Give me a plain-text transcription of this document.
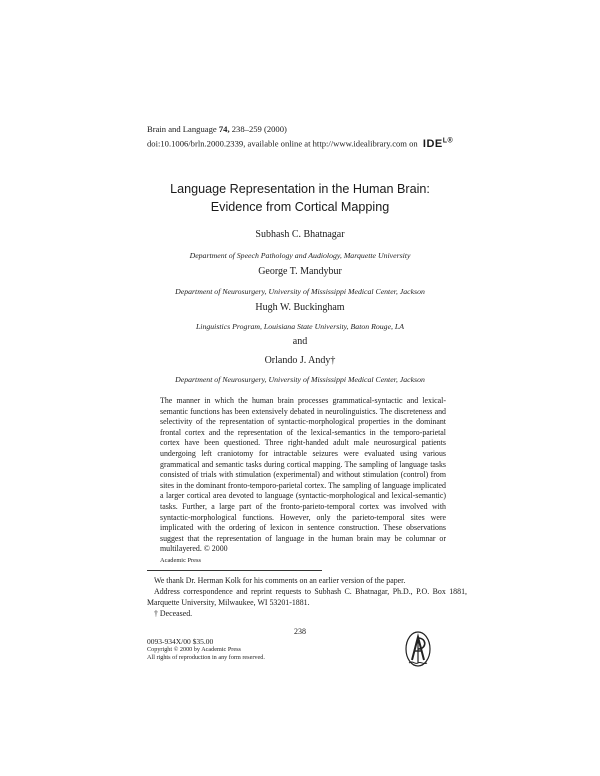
Brain and Language 74, 238–259 (2000)
doi:10.1006/brln.2000.2339, available online at http://www.idealibrary.com on $IDE^{L®}$
Language Representation in the Human Brain:
Evidence from Cortical Mapping
Subhash C. Bhatnagar
Department of Speech Pathology and Audiology, Marquette University
George T. Mandybur
Department of Neurosurgery, University of Mississippi Medical Center, Jackson
Hugh W. Buckingham
Linguistics Program, Louisiana State University, Baton Rouge, LA
and
Orlando J. Andy†
Department of Neurosurgery, University of Mississippi Medical Center, Jackson
The manner in which the human brain processes grammatical-syntactic and lexical-semantic functions has been extensively debated in neurolinguistics. The discreteness and selectivity of the representation of syntactic-morphological properties in the dominant frontal cortex and the representation of the lexical-semantics in the temporo-parietal cortex have been questioned. Three right-handed adult male neurosurgical patients undergoing left craniotomy for intractable seizures were evaluated using various grammatical and semantic tasks during cortical mapping. The sampling of language tasks consisted of trials with stimulation (experimental) and without stimulation (control) from sites in the dominant fronto-temporo-parietal cortex. The sampling of language implicated a larger cortical area devoted to language (syntactic-morphological and lexical-semantic) tasks. Further, a large part of the fronto-parieto-temporal cortex was involved with syntactic-morphological functions. However, only the parieto-temporal sites were implicated with the ordering of lexicon in sentence construction. These observations suggest that the representation of language in the human brain may be columnar or multilayered. © 2000
Academic Press

We thank Dr. Herman Kolk for his comments on an earlier version of the paper.

Address correspondence and reprint requests to Subhash C. Bhatnagar, Ph.D., P.O. Box 1881, Marquette University, Milwaukee, WI 53201-1881.

† Deceased.

238
0093-934X/00 $35.00
Copyright © 2000 by Academic Press
All rights of reproduction in any form reserved.
